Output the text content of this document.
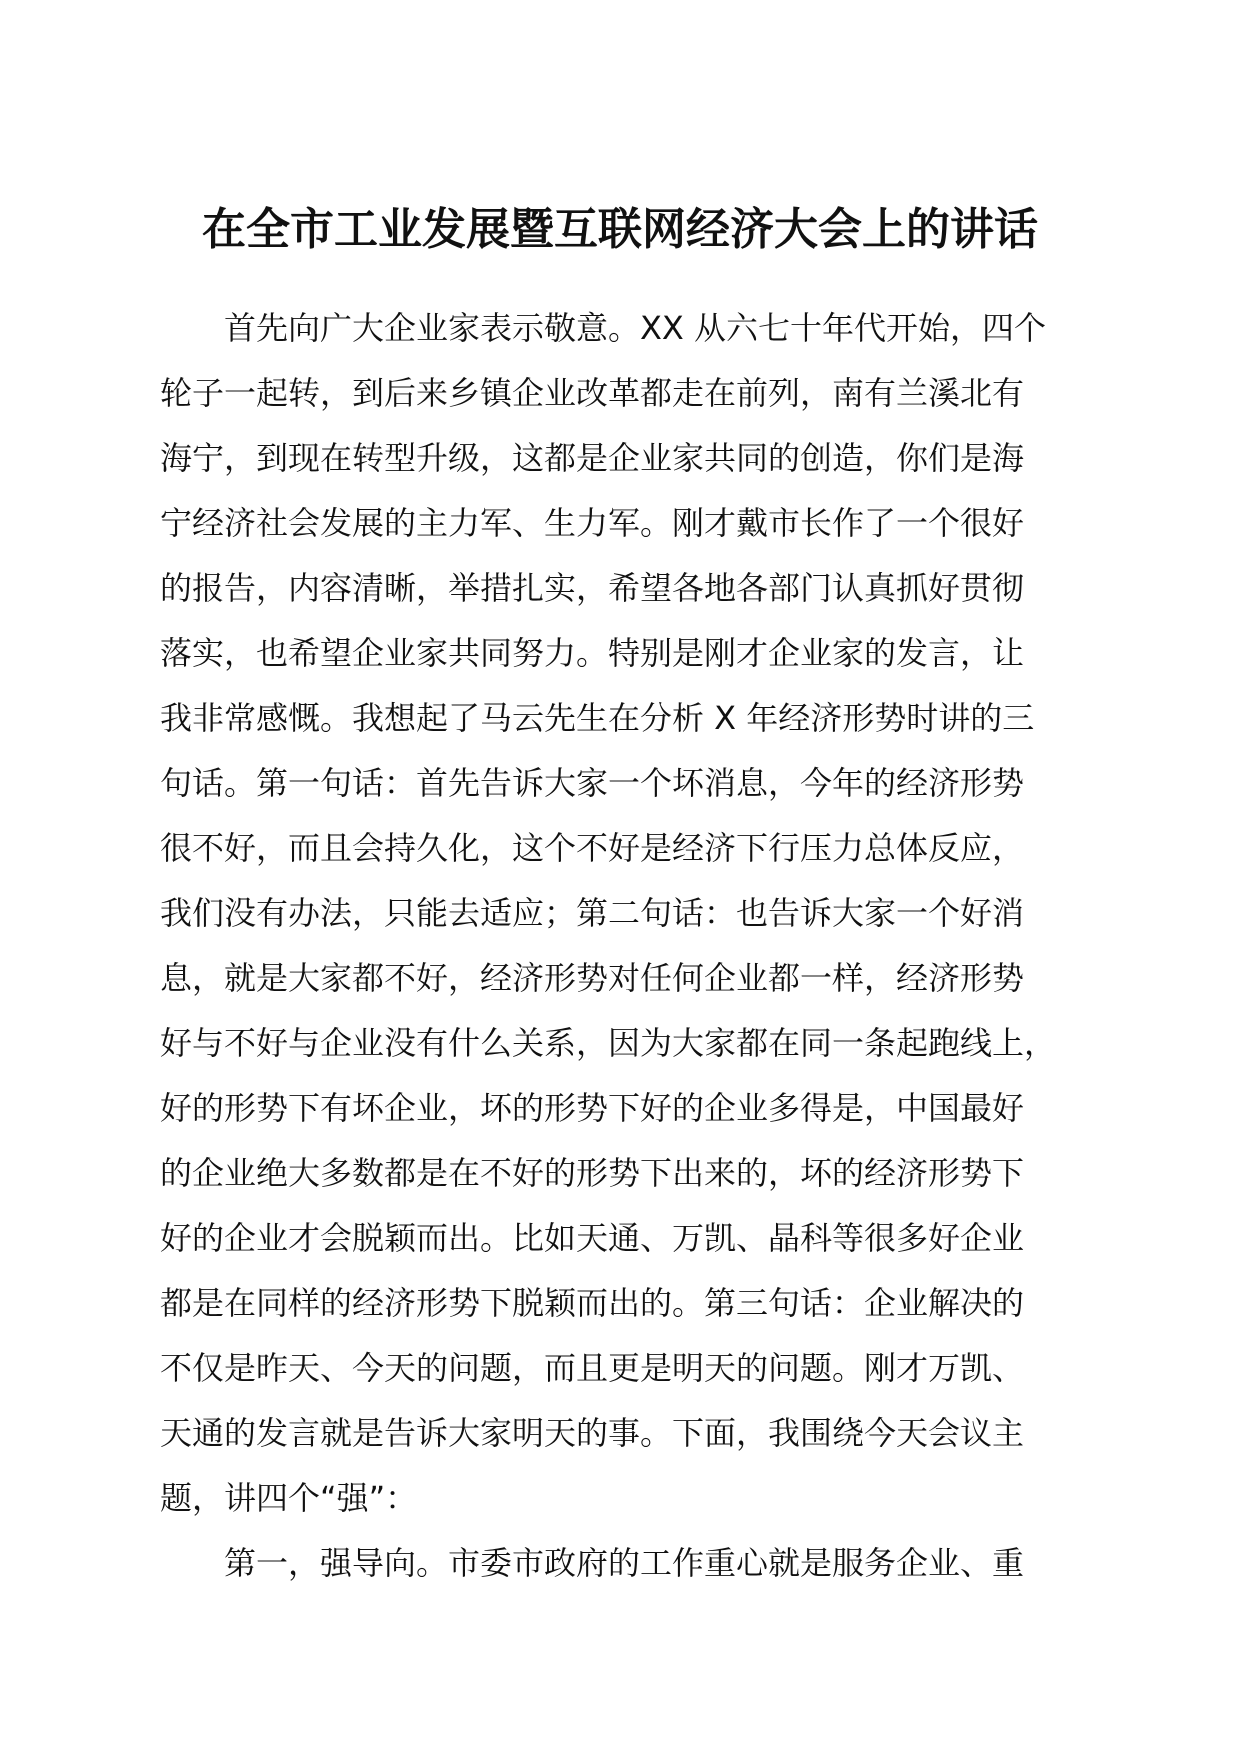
在全市工业发展暨互联网经济大会上的讲话
首先向广大企业家表示敬意。XX 从六七十年代开始，四个
轮子一起转，到后来乡镇企业改革都走在前列，南有兰溪北有
海宁，到现在转型升级，这都是企业家共同的创造，你们是海
宁经济社会发展的主力军、生力军。刚才戴市长作了一个很好
的报告，内容清晰，举措扎实，希望各地各部门认真抓好贯彻
落实，也希望企业家共同努力。特别是刚才企业家的发言，让
我非常感慨。我想起了马云先生在分析 X 年经济形势时讲的三
句话。第一句话：首先告诉大家一个坏消息，今年的经济形势
很不好，而且会持久化，这个不好是经济下行压力总体反应，
我们没有办法，只能去适应；第二句话：也告诉大家一个好消
息，就是大家都不好，经济形势对任何企业都一样，经济形势
好与不好与企业没有什么关系，因为大家都在同一条起跑线上，
好的形势下有坏企业，坏的形势下好的企业多得是，中国最好
的企业绝大多数都是在不好的形势下出来的，坏的经济形势下
好的企业才会脱颖而出。比如天通、万凯、晶科等很多好企业
都是在同样的经济形势下脱颖而出的。第三句话：企业解决的
不仅是昨天、今天的问题，而且更是明天的问题。刚才万凯、
天通的发言就是告诉大家明天的事。下面，我围绕今天会议主
题，讲四个“强”：
第一，强导向。市委市政府的工作重心就是服务企业、重
